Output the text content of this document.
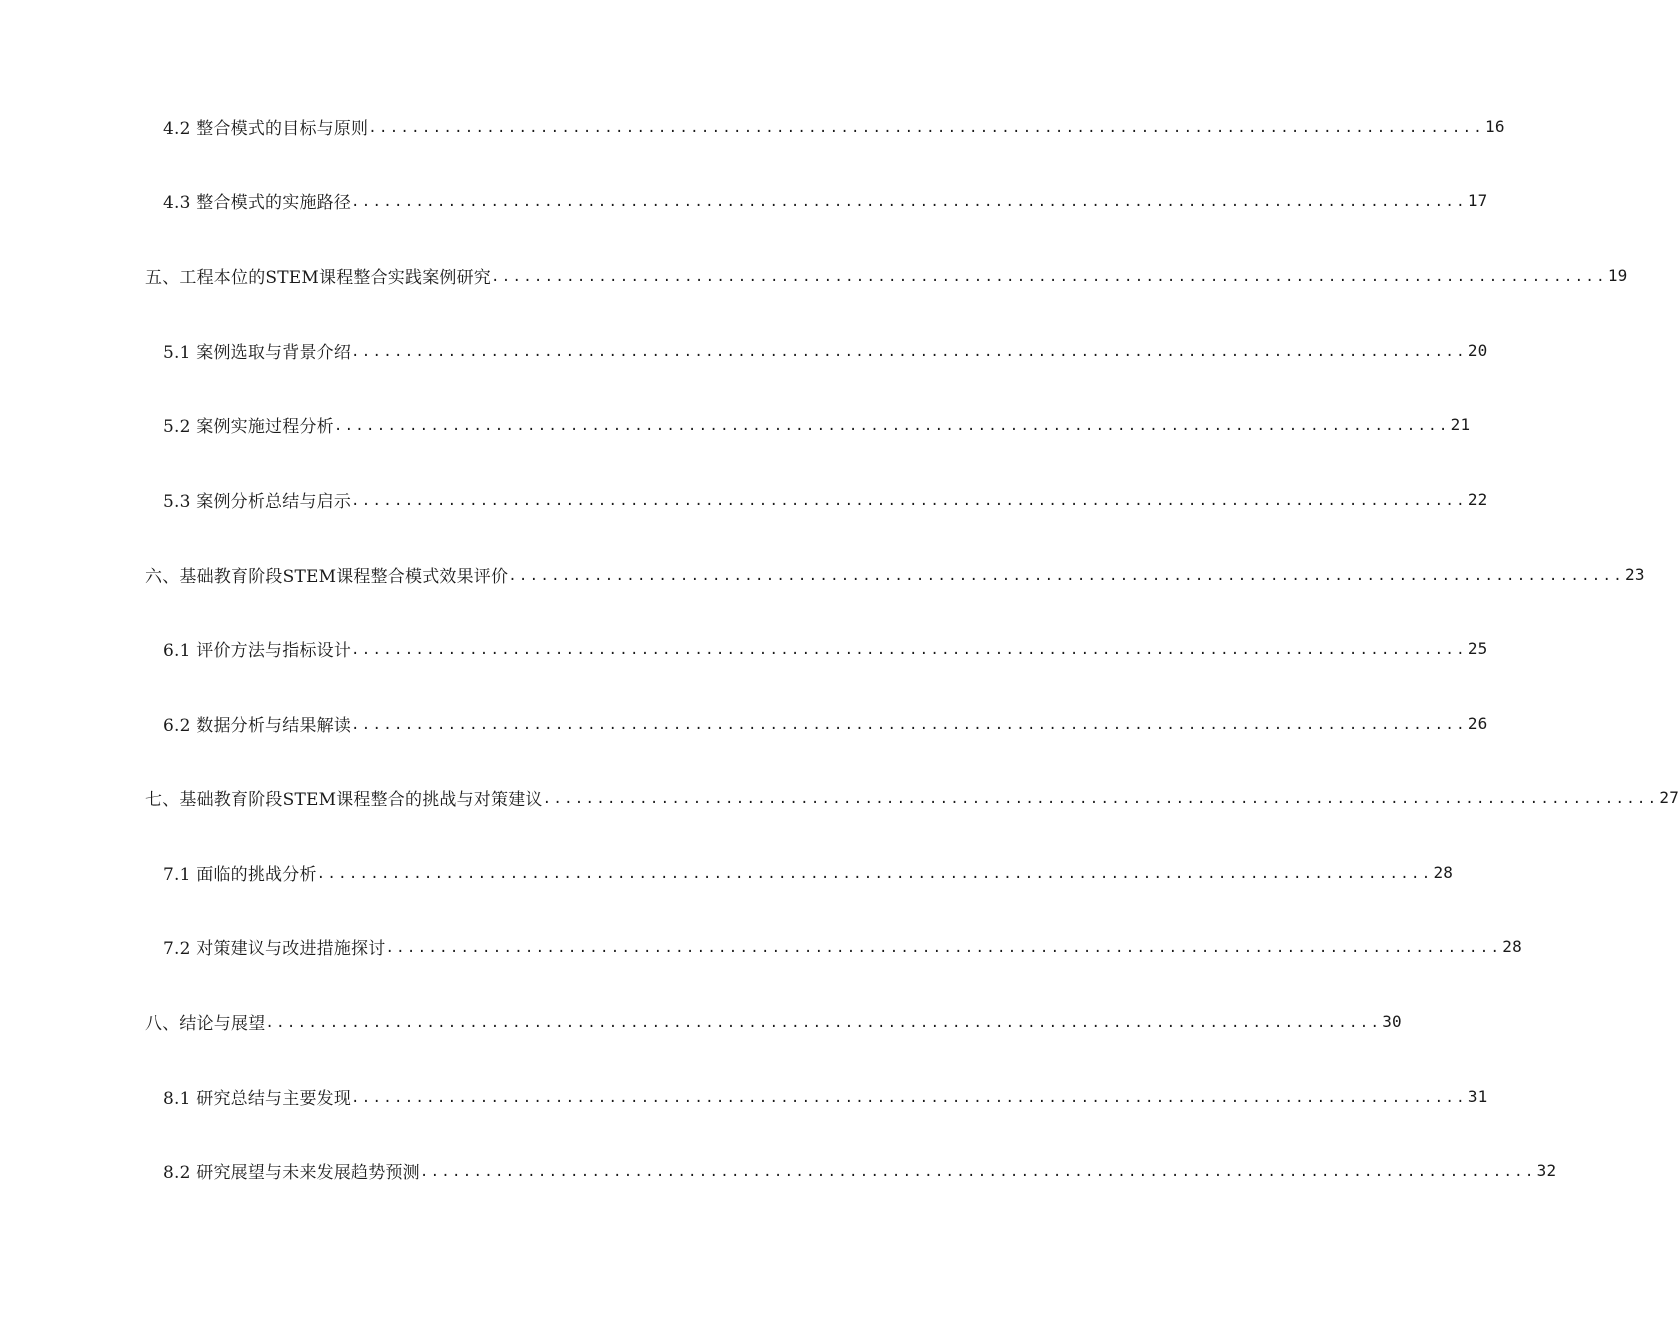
4.2 整合模式的目标与原则 ........................................................................................................ 16
4.3 整合模式的实施路径 ........................................................................................................ 17
五、工程本位的STEM课程整合实践案例研究 ........................................................................................................ 19
5.1 案例选取与背景介绍 ........................................................................................................ 20
5.2 案例实施过程分析 ........................................................................................................ 21
5.3 案例分析总结与启示 ........................................................................................................ 22
六、基础教育阶段STEM课程整合模式效果评价 ........................................................................................................ 23
6.1 评价方法与指标设计 ........................................................................................................ 25
6.2 数据分析与结果解读 ........................................................................................................ 26
七、基础教育阶段STEM课程整合的挑战与对策建议 ........................................................................................................ 27
7.1 面临的挑战分析 ........................................................................................................ 28
7.2 对策建议与改进措施探讨 ........................................................................................................ 28
八、结论与展望 ........................................................................................................ 30
8.1 研究总结与主要发现 ........................................................................................................ 31
8.2 研究展望与未来发展趋势预测 ........................................................................................................ 32
